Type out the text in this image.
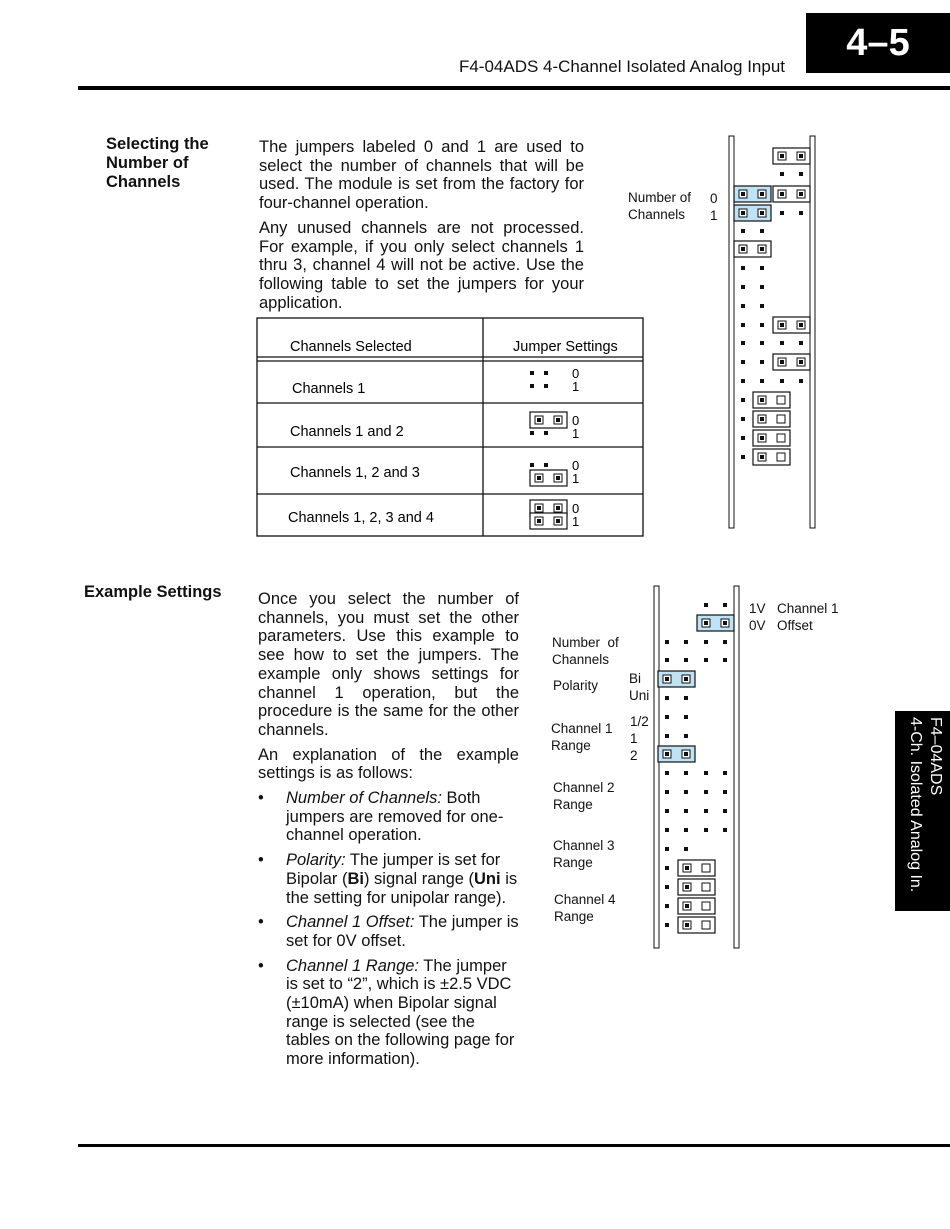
4–5
F4-04ADS 4-Channel Isolated Analog Input
F4–04ADS
4-Ch. Isolated Analog In.
Selecting the
Number of
Channels

The jumpers labeled 0 and 1 are used to select the number of channels that will be used. The module is set from the factory for four-channel operation.

Any unused channels are not processed. For example, if you only select channels 1 thru 3, channel 4 will not be active. Use the following table to set the jumpers for your application.

Channels Selected	Jumper Settings
Channels 1
Channels 1 and 2
Channels 1, 2 and 3
Channels 1, 2, 3 and 4
0
1
0
1
0
1
0
1
Number of
Channels
0
1
Example Settings Once you select the number of channels, you must set the other parameters. Use this example to see how to set the jumpers. The example only shows settings for channel 1 operation, but the procedure is the same for the other channels.

An explanation of the example settings is as follows:

• Number of Channels: Both jumpers are removed for one-channel operation.
• Polarity: The jumper is set for Bipolar (Bi) signal range (Uni is the setting for unipolar range).
• Channel 1 Offset: The jumper is set for 0V offset.
• Channel 1 Range: The jumper is set to “2”, which is ±2.5 VDC (±10mA) when Bipolar signal range is selected (see the tables on the following page for more information).
1V
0V
Channel 1
Offset
Number  of
Channels
Polarity Bi
Uni
Channel 1
Range
1/2
1
2
Channel 2
Range
Channel 3
Range
Channel 4
Range
